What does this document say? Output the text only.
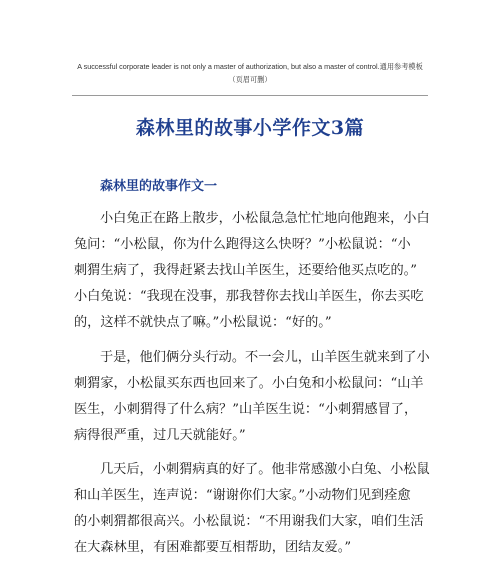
A successful corporate leader is not only a master of authorization, but also a master of control.通用参考模板
（页眉可删）
森林里的故事小学作文3篇
森林里的故事作文一
小白兔正在路上散步，小松鼠急急忙忙地向他跑来，小白
兔问：“小松鼠，你为什么跑得这么快呀？”小松鼠说：“小
刺猬生病了，我得赶紧去找山羊医生，还要给他买点吃的。”
小白兔说：“我现在没事，那我替你去找山羊医生，你去买吃
的，这样不就快点了嘛。”小松鼠说：“好的。”
于是，他们俩分头行动。不一会儿，山羊医生就来到了小
刺猬家，小松鼠买东西也回来了。小白兔和小松鼠问：“山羊
医生，小刺猬得了什么病？”山羊医生说：“小刺猬感冒了，
病得很严重，过几天就能好。”
几天后，小刺猬病真的好了。他非常感激小白兔、小松鼠
和山羊医生，连声说：“谢谢你们大家。”小动物们见到痊愈
的小刺猬都很高兴。小松鼠说：“不用谢我们大家，咱们生活
在大森林里，有困难都要互相帮助，团结友爱。”
